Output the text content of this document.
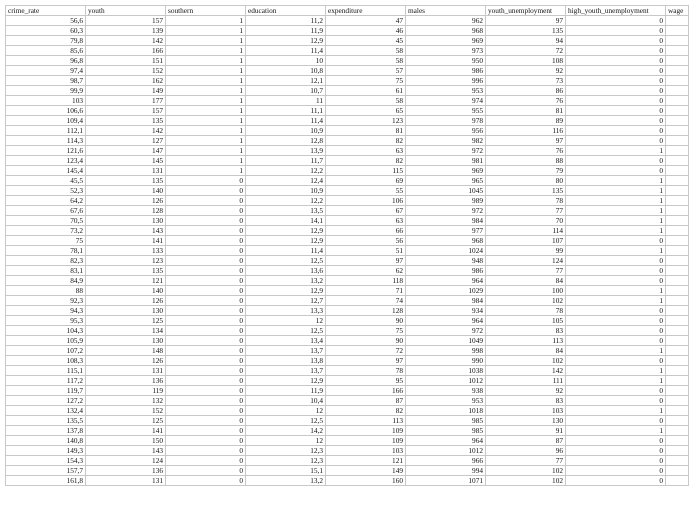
crime_rate	youth	southern	education	expenditure	males	youth_unemployment	high_youth_unemployment	wage
56,6	157	1	11,2	47	962	97	0	
60,3	139	1	11,9	46	968	135	0	
79,8	142	1	12,9	45	969	94	0	
85,6	166	1	11,4	58	973	72	0	
96,8	151	1	10	58	950	108	0	
97,4	152	1	10,8	57	986	92	0	
98,7	162	1	12,1	75	996	73	0	
99,9	149	1	10,7	61	953	86	0	
103	177	1	11	58	974	76	0	
106,6	157	1	11,1	65	955	81	0	
109,4	135	1	11,4	123	978	89	0	
112,1	142	1	10,9	81	956	116	0	
114,3	127	1	12,8	82	982	97	0	
121,6	147	1	13,9	63	972	76	1	
123,4	145	1	11,7	82	981	88	0	
145,4	131	1	12,2	115	969	79	0	
45,5	135	0	12,4	69	965	80	1	
52,3	140	0	10,9	55	1045	135	1	
64,2	126	0	12,2	106	989	78	1	
67,6	128	0	13,5	67	972	77	1	
70,5	130	0	14,1	63	984	70	1	
73,2	143	0	12,9	66	977	114	1	
75	141	0	12,9	56	968	107	0	
78,1	133	0	11,4	51	1024	99	1	
82,3	123	0	12,5	97	948	124	0	
83,1	135	0	13,6	62	986	77	0	
84,9	121	0	13,2	118	964	84	0	
88	140	0	12,9	71	1029	100	1	
92,3	126	0	12,7	74	984	102	1	
94,3	130	0	13,3	128	934	78	0	
95,3	125	0	12	90	964	105	0	
104,3	134	0	12,5	75	972	83	0	
105,9	130	0	13,4	90	1049	113	0	
107,2	148	0	13,7	72	998	84	1	
108,3	126	0	13,8	97	990	102	0	
115,1	131	0	13,7	78	1038	142	1	
117,2	136	0	12,9	95	1012	111	1	
119,7	119	0	11,9	166	938	92	0	
127,2	132	0	10,4	87	953	83	0	
132,4	152	0	12	82	1018	103	1	
135,5	125	0	12,5	113	985	130	0	
137,8	141	0	14,2	109	985	91	1	
140,8	150	0	12	109	964	87	0	
149,3	143	0	12,3	103	1012	96	0	
154,3	124	0	12,3	121	966	77	0	
157,7	136	0	15,1	149	994	102	0	
161,8	131	0	13,2	160	1071	102	0	
